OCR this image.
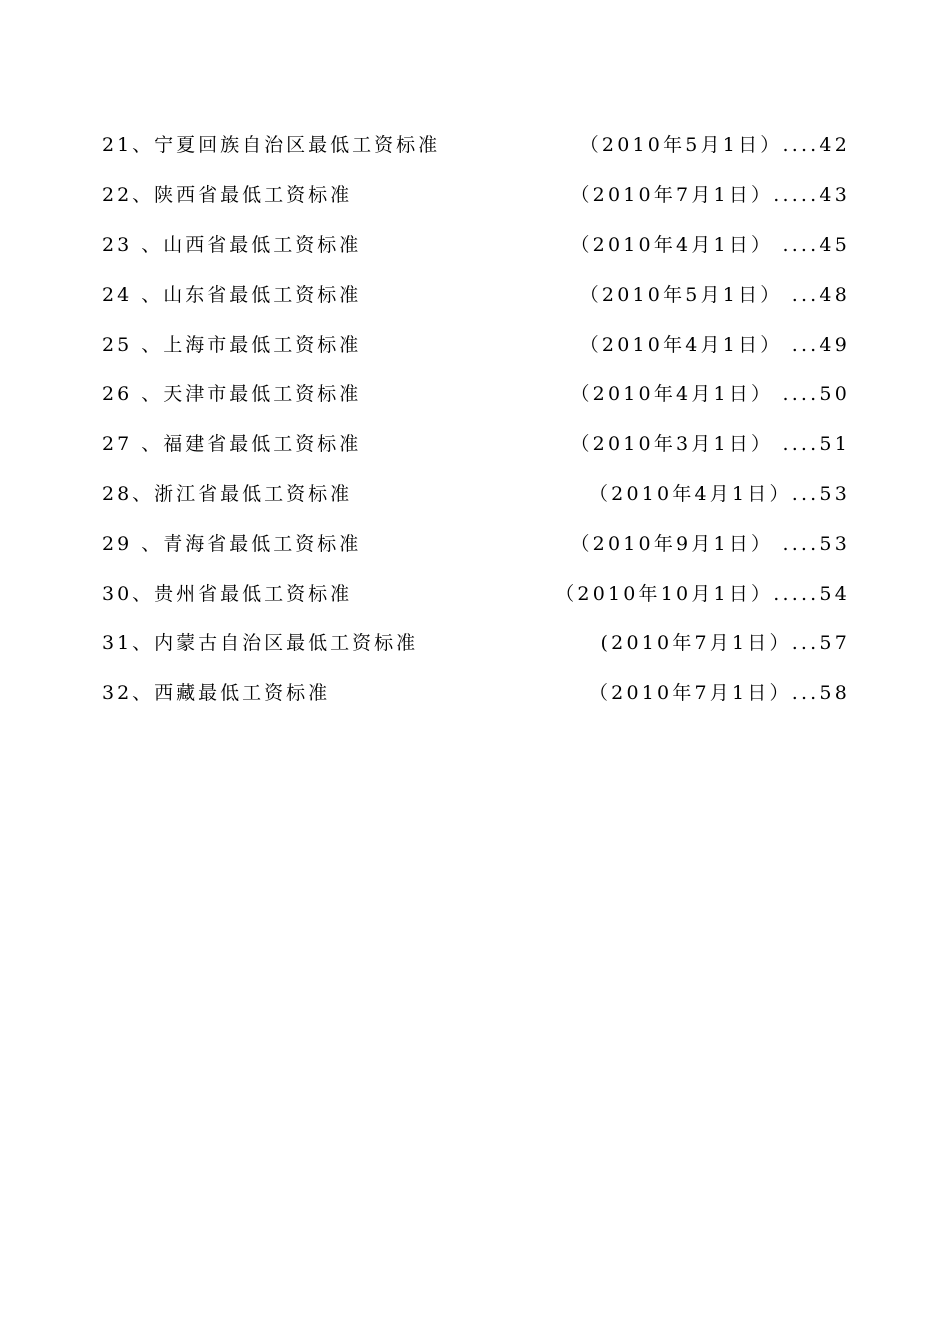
21、宁夏回族自治区最低工资标准	（2010年5月1日）....42
22、陕西省最低工资标准	（2010年7月1日）.....43
23 、山西省最低工资标准	（2010年4月1日） ....45
24 、山东省最低工资标准	（2010年5月1日） ...48
25 、上海市最低工资标准	（2010年4月1日） ...49
26 、天津市最低工资标准	（2010年4月1日） ....50
27 、福建省最低工资标准	（2010年3月1日） ....51
28、浙江省最低工资标准	（2010年4月1日）...53
29 、青海省最低工资标准	（2010年9月1日） ....53
30、贵州省最低工资标准	（2010年10月1日）.....54
31、内蒙古自治区最低工资标准	(2010年7月1日）...57
32、西藏最低工资标准	（2010年7月1日）...58
